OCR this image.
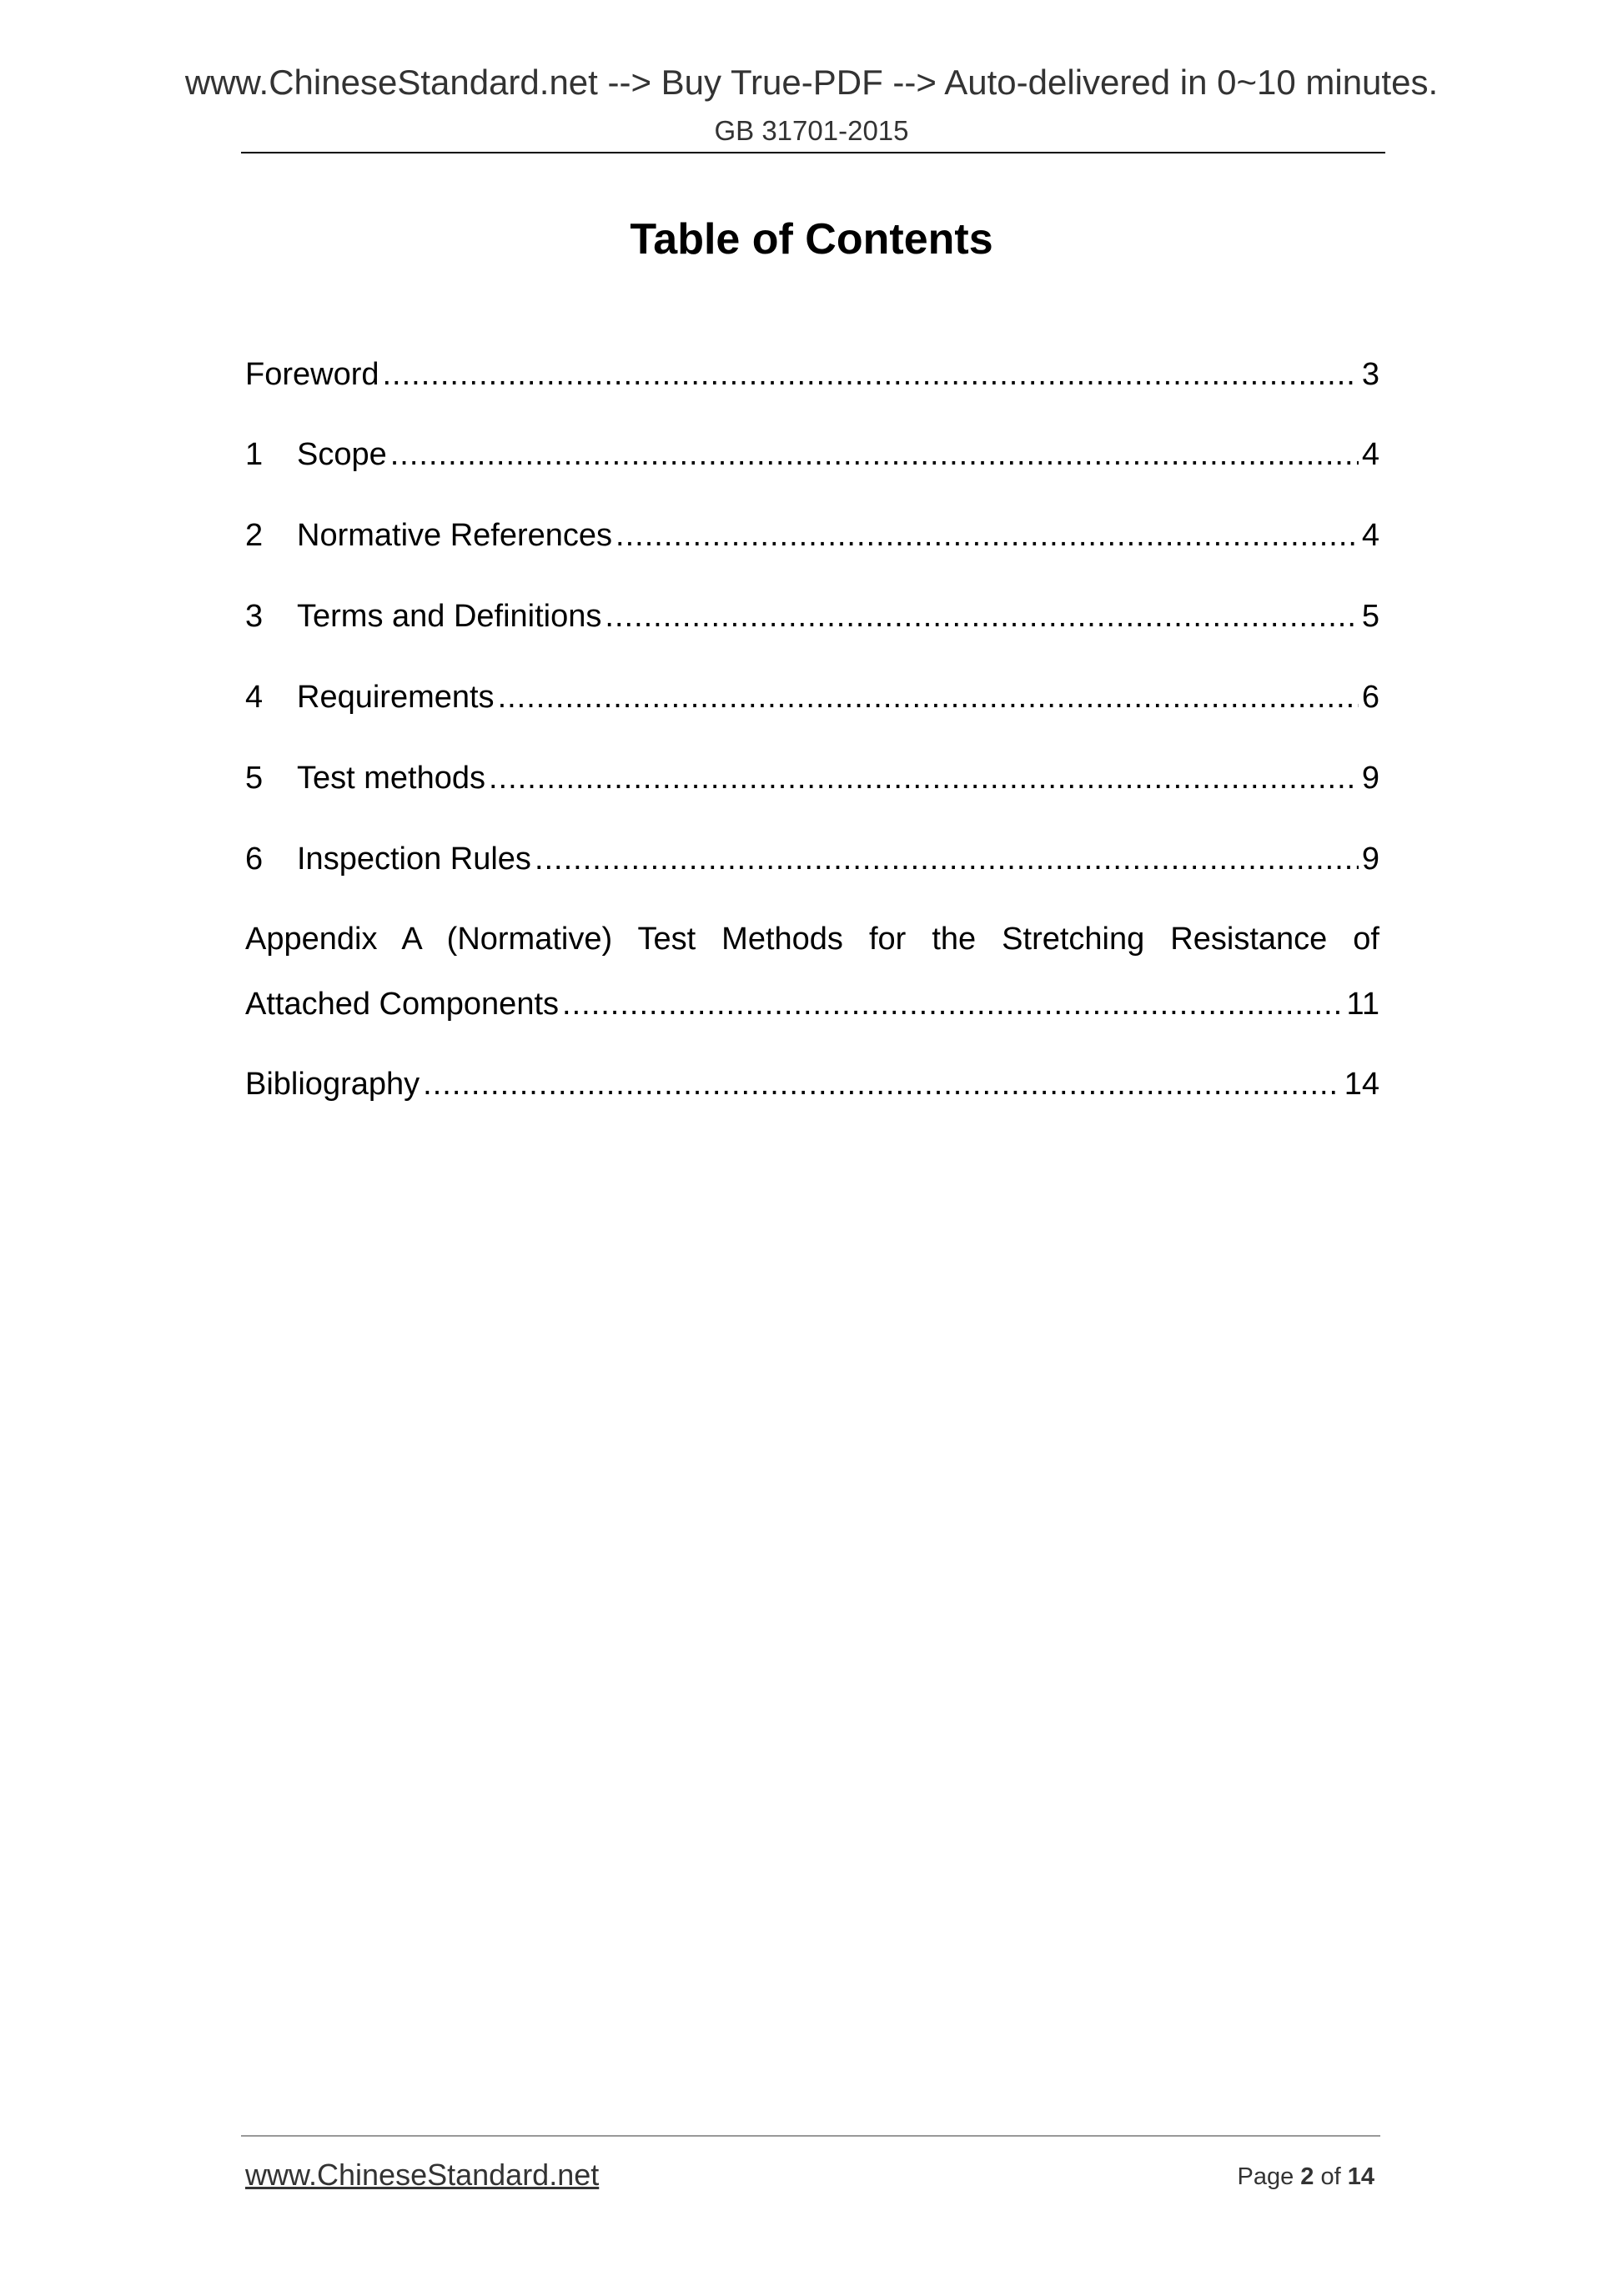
www.ChineseStandard.net --> Buy True-PDF --> Auto-delivered in 0~10 minutes.
GB 31701-2015
Table of Contents
Foreword .....	3
1	Scope .....	4
2	Normative References .....	4
3	Terms and Definitions .....	5
4	Requirements .....	6
5	Test methods .....	9
6	Inspection Rules .....	9
Appendix A (Normative) Test Methods for the Stretching Resistance of
Attached Components .....	11
Bibliography .....	14
www.ChineseStandard.net	Page 2 of 14
